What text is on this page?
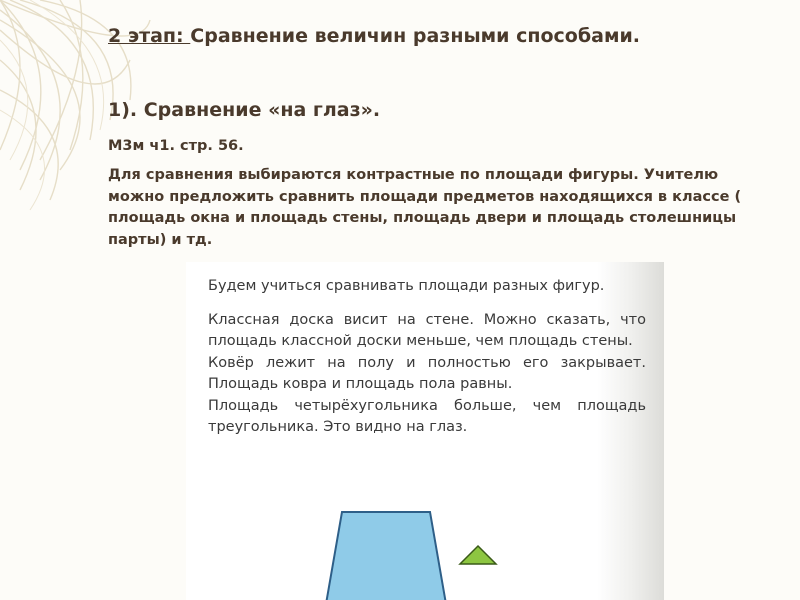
2 этап: Сравнение величин разными способами.
1). Сравнение «на глаз».

М3м ч1. стр. 56.

Для сравнения выбираются контрастные по площади фигуры. Учителю можно предложить сравнить площади предметов находящихся в классе ( площадь окна и площадь стены, площадь двери и площадь столешницы парты) и тд.

Будем учиться сравнивать площади разных фигур.

Классная доска висит на стене. Можно сказать, что площадь классной доски меньше, чем площадь стены.

Ковёр лежит на полу и полностью его закрывает. Площадь ковра и площадь пола равны.

Площадь четырёхугольника больше, чем площадь треугольника. Это видно на глаз.
